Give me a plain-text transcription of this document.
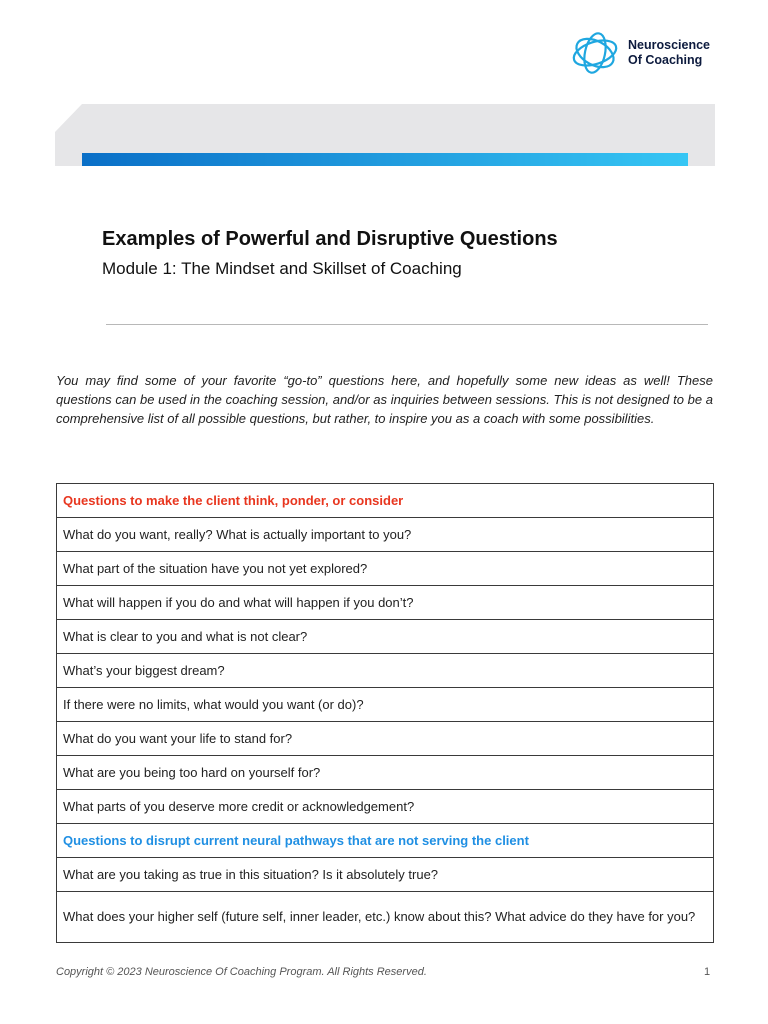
Neuroscience
Of Coaching
Examples of Powerful and Disruptive Questions
Module 1: The Mindset and Skillset of Coaching
You may find some of your favorite “go-to” questions here, and hopefully some new ideas as well! These questions can be used in the coaching session, and/or as inquiries between sessions. This is not designed to be a comprehensive list of all possible questions, but rather, to inspire you as a coach with some possibilities.
Questions to make the client think, ponder, or consider
What do you want, really? What is actually important to you?
What part of the situation have you not yet explored?
What will happen if you do and what will happen if you don’t?
What is clear to you and what is not clear?
What’s your biggest dream?
If there were no limits, what would you want (or do)?
What do you want your life to stand for?
What are you being too hard on yourself for?
What parts of you deserve more credit or acknowledgement?
Questions to disrupt current neural pathways that are not serving the client
What are you taking as true in this situation? Is it absolutely true?
What does your higher self (future self, inner leader, etc.) know about this? What advice do they have for you?
Copyright © 2023 Neuroscience Of Coaching Program. All Rights Reserved.	1
